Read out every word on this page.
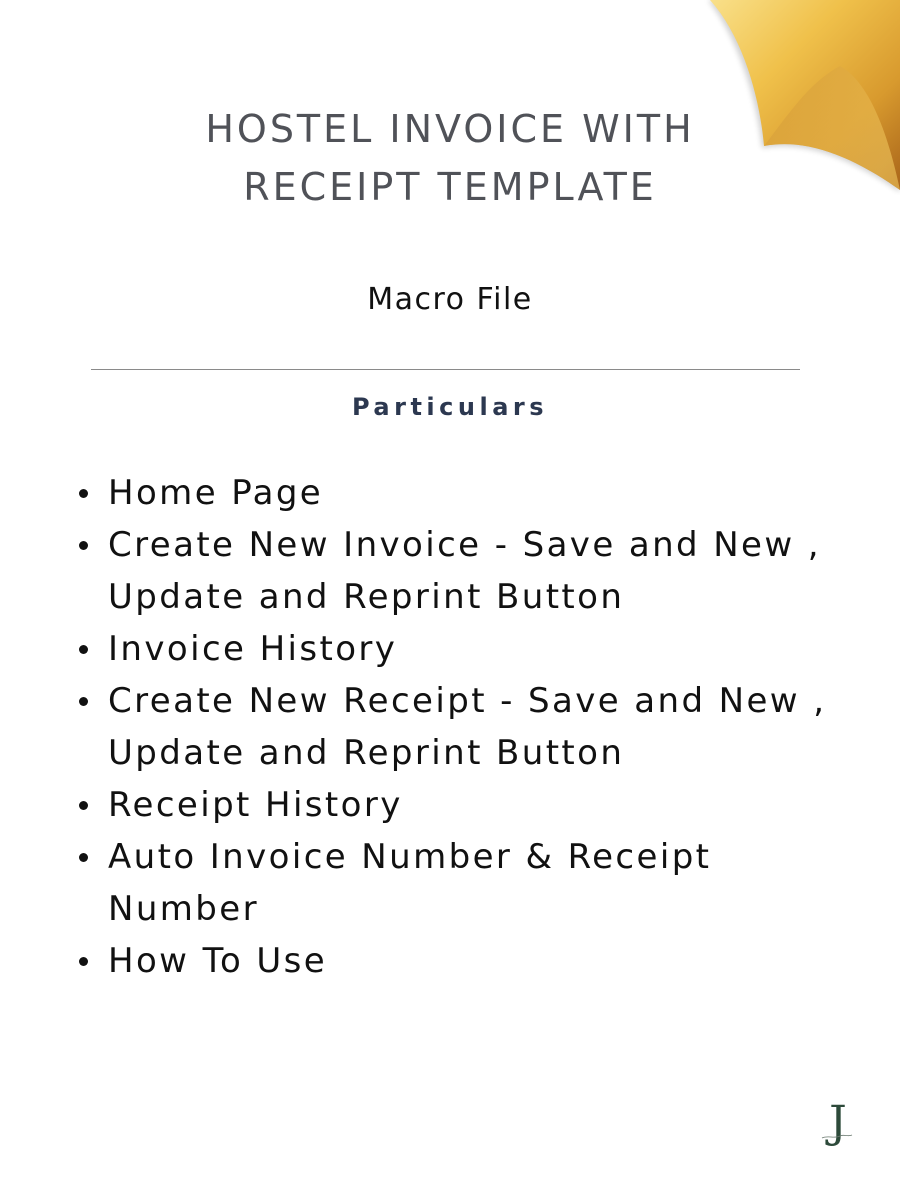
HOSTEL INVOICE WITH
RECEIPT TEMPLATE

Macro File

Particulars
Home Page
Create New Invoice - Save and New , Update and Reprint Button
Invoice History
Create New Receipt - Save and New , Update and Reprint Button
Receipt History
Auto Invoice Number & Receipt Number
How To Use
J
